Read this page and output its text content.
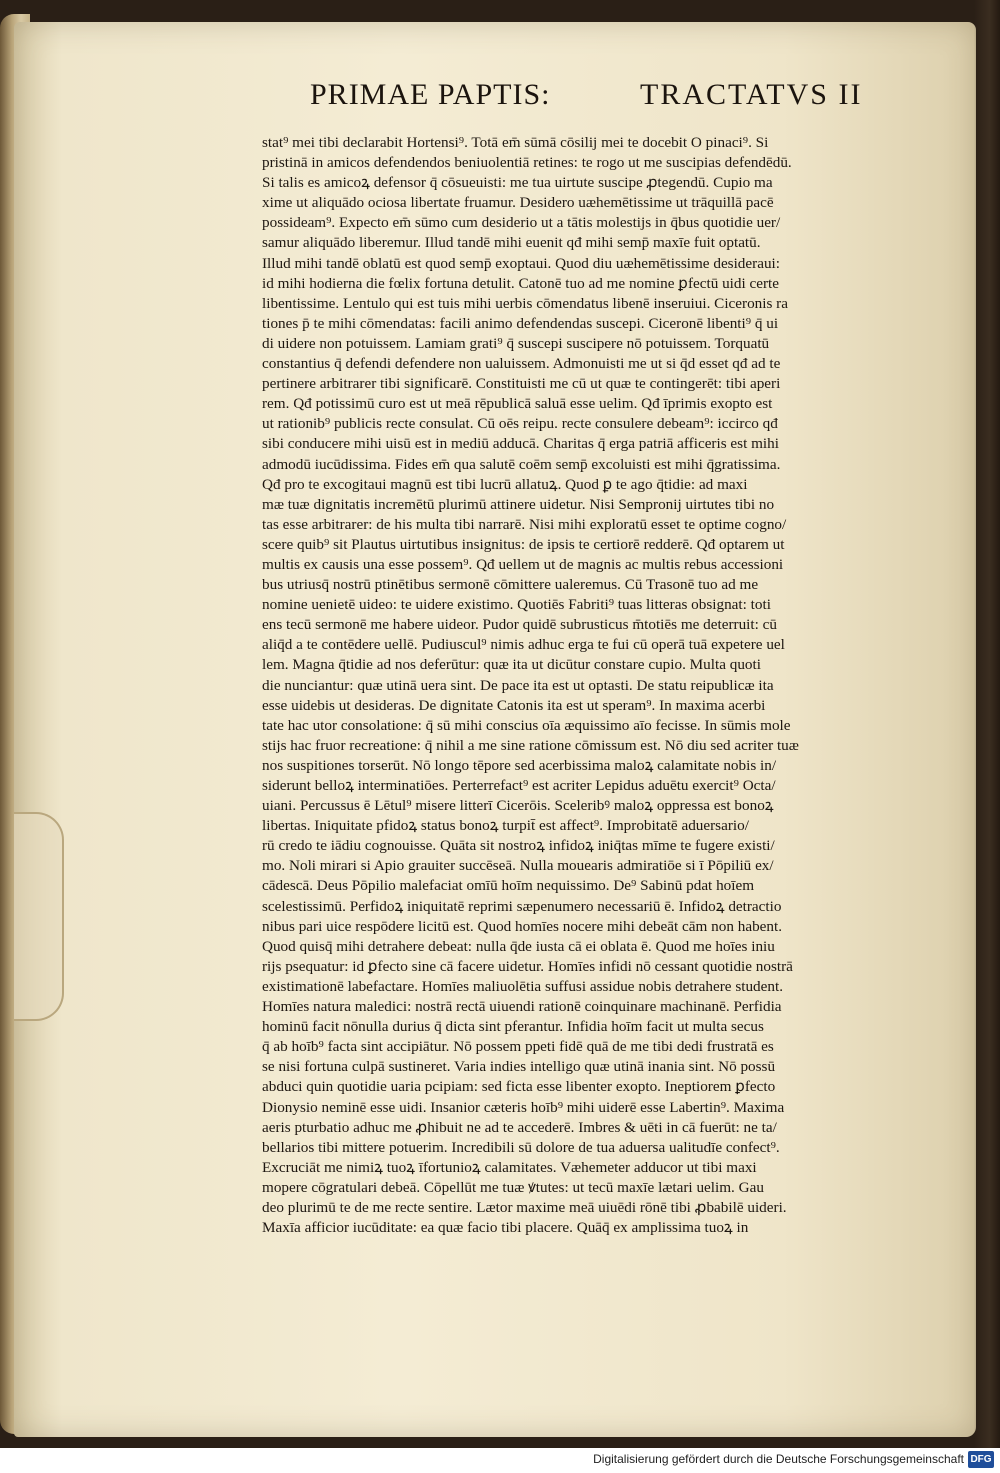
PRIMAE PAPTIS:	TRACTATVS II
stat⁹ mei tibi declarabit Hortensi⁹. Totā em̄ sūmā cōsilij mei te docebit O pinaci⁹. Si
pristinā in amicos defendendos beniuolentiā retines: te rogo ut me suscipias defendēdū.
Si talis es amicoꝝ defensor q̄ cōsueuisti: me tua uirtute suscipe ꝓtegendū. Cupio ma
xime ut aliquādo ociosa libertate fruamur. Desidero uæhemētissime ut trāquillā pacē
possideam⁹. Expecto em̄ sūmo cum desiderio ut a tātis molestijs in q̄bus quotidie uer/
samur aliquādo liberemur. Illud tandē mihi euenit qđ mihi semp̄ maxīe fuit optatū.
Illud mihi tandē oblatū est quod semp̄ exoptaui. Quod diu uæhemētissime desideraui:
id mihi hodierna die fœlix fortuna detulit. Catonē tuo ad me nomine ꝑfectū uidi certe
libentissime. Lentulo qui est tuis mihi uerbis cōmendatus libenē inseruiui. Ciceronis ra
tiones p̄ te mihi cōmendatas: facili animo defendendas suscepi. Ciceronē libenti⁹ q̄ ui
di uidere non potuissem. Lamiam grati⁹ q̄ suscepi suscipere nō potuissem. Torquatū
constantius q̄ defendi defendere non ualuissem. Admonuisti me ut si q̄d esset qđ ad te
pertinere arbitrarer tibi significarē. Constituisti me cū ut quæ te contingerēt: tibi aperi
rem. Qđ potissimū curo est ut meā rēpublicā saluā esse uelim. Qđ īprimis exopto est
ut rationib⁹ publicis recte consulat. Cū oēs reipu. recte consulere debeam⁹: iccirco qđ
sibi conducere mihi uisū est in mediū adducā. Charitas q̄ erga patriā afficeris est mihi
admodū iucūdissima. Fides em̄ qua salutē coēm semp̄ excoluisti est mihi q̄gratissima.
Qđ pro te excogitaui magnū est tibi lucrū allatuꝝ. Quod ꝑ te ago q̄tidie: ad maxi
mæ tuæ dignitatis incremētū plurimū attinere uidetur. Nisi Sempronij uirtutes tibi no
tas esse arbitrarer: de his multa tibi narrarē. Nisi mihi exploratū esset te optime cogno/
scere quib⁹ sit Plautus uirtutibus insignitus: de ipsis te certiorē redderē. Qđ optarem ut
multis ex causis una esse possem⁹. Qđ uellem ut de magnis ac multis rebus accessioni
bus utriusq̄ nostrū ptinētibus sermonē cōmittere ualeremus. Cū Trasonē tuo ad me
nomine uenietē uideo: te uidere existimo. Quotiēs Fabriti⁹ tuas litteras obsignat: toti
ens tecū sermonē me habere uideor. Pudor quidē subrusticus m̄totiēs me deterruit: cū
aliq̄d a te contēdere uellē. Pudiuscul⁹ nimis adhuc erga te fui cū operā tuā expetere uel
lem. Magna q̄tidie ad nos deferūtur: quæ ita ut dicūtur constare cupio. Multa quoti
die nunciantur: quæ utinā uera sint. De pace ita est ut optasti. De statu reipublicæ ita
esse uidebis ut desideras. De dignitate Catonis ita est ut speram⁹. In maxima acerbi
tate hac utor consolatione: q̄ sū mihi conscius oīa æquissimo aīo fecisse. In sūmis mole
stijs hac fruor recreatione: q̄ nihil a me sine ratione cōmissum est. Nō diu sed acriter tuæ
nos suspitiones torserūt. Nō longo tēpore sed acerbissima maloꝝ calamitate nobis in/
siderunt belloꝝ interminatiōes. Perterrefact⁹ est acriter Lepidus aduētu exercit⁹ Octa/
uiani. Percussus ē Lētul⁹ misere litterī Cicerōis. Sceleribꝰ maloꝝ oppressa est bonoꝝ
libertas. Iniquitate pfidoꝝ status bonoꝝ turpit̄ est affect⁹. Improbitatē aduersario/
rū credo te iādiu cognouisse. Quāta sit nostroꝝ infidoꝝ iniq̄tas mīme te fugere existi/
mo. Noli mirari si Apio grauiter succēseā. Nulla mouearis admiratiōe si ī Pōpiliū ex/
cādescā. Deus Pōpilio malefaciat omīū hoīm nequissimo. De⁹ Sabinū pdat hoīem
scelestissimū. Perfidoꝝ iniquitatē reprimi sæpenumero necessariū ē. Infidoꝝ detractio
nibus pari uice respōdere licitū est. Quod homīes nocere mihi debeāt cām non habent.
Quod quisq̄ mihi detrahere debeat: nulla q̄de iusta cā ei oblata ē. Quod me hoīes iniu
rijs psequatur: id ꝑfecto sine cā facere uidetur. Homīes infidi nō cessant quotidie nostrā
existimationē labefactare. Homīes maliuolētia suffusi assidue nobis detrahere student.
Homīes natura maledici: nostrā rectā uiuendi rationē coinquinare machinanē. Perfidia
hominū facit nōnulla durius q̄ dicta sint pferantur. Infidia hoīm facit ut multa secus
q̄ ab hoīb⁹ facta sint accipiātur. Nō possem ppeti fidē quā de me tibi dedi frustratā es
se nisi fortuna culpā sustineret. Varia indies intelligo quæ utinā inania sint. Nō possū
abduci quin quotidie uaria pcipiam: sed ficta esse libenter exopto. Ineptiorem ꝑfecto
Dionysio neminē esse uidi. Insanior cæteris hoīb⁹ mihi uiderē esse Labertin⁹. Maxima
aeris pturbatio adhuc me ꝓhibuit ne ad te accederē. Imbres & uēti in cā fuerūt: ne ta/
bellarios tibi mittere potuerim. Incredibili sū dolore de tua aduersa ualitudīe confect⁹.
Excruciāt me nimiꝝ tuoꝝ īfortunioꝝ calamitates. Væhemeter adducor ut tibi maxi
mopere cōgratulari debeā. Cōpellūt me tuæ ꝟtutes: ut tecū maxīe lætari uelim. Gau
deo plurimū te de me recte sentire. Lætor maxime meā uiuēdi rōnē tibi ꝓbabilē uideri.
Maxīa afficior iucūditate: ea quæ facio tibi placere. Quāq̄ ex amplissima tuoꝝ in
Digitalisierung gefördert durch die Deutsche Forschungsgemeinschaft DFG
